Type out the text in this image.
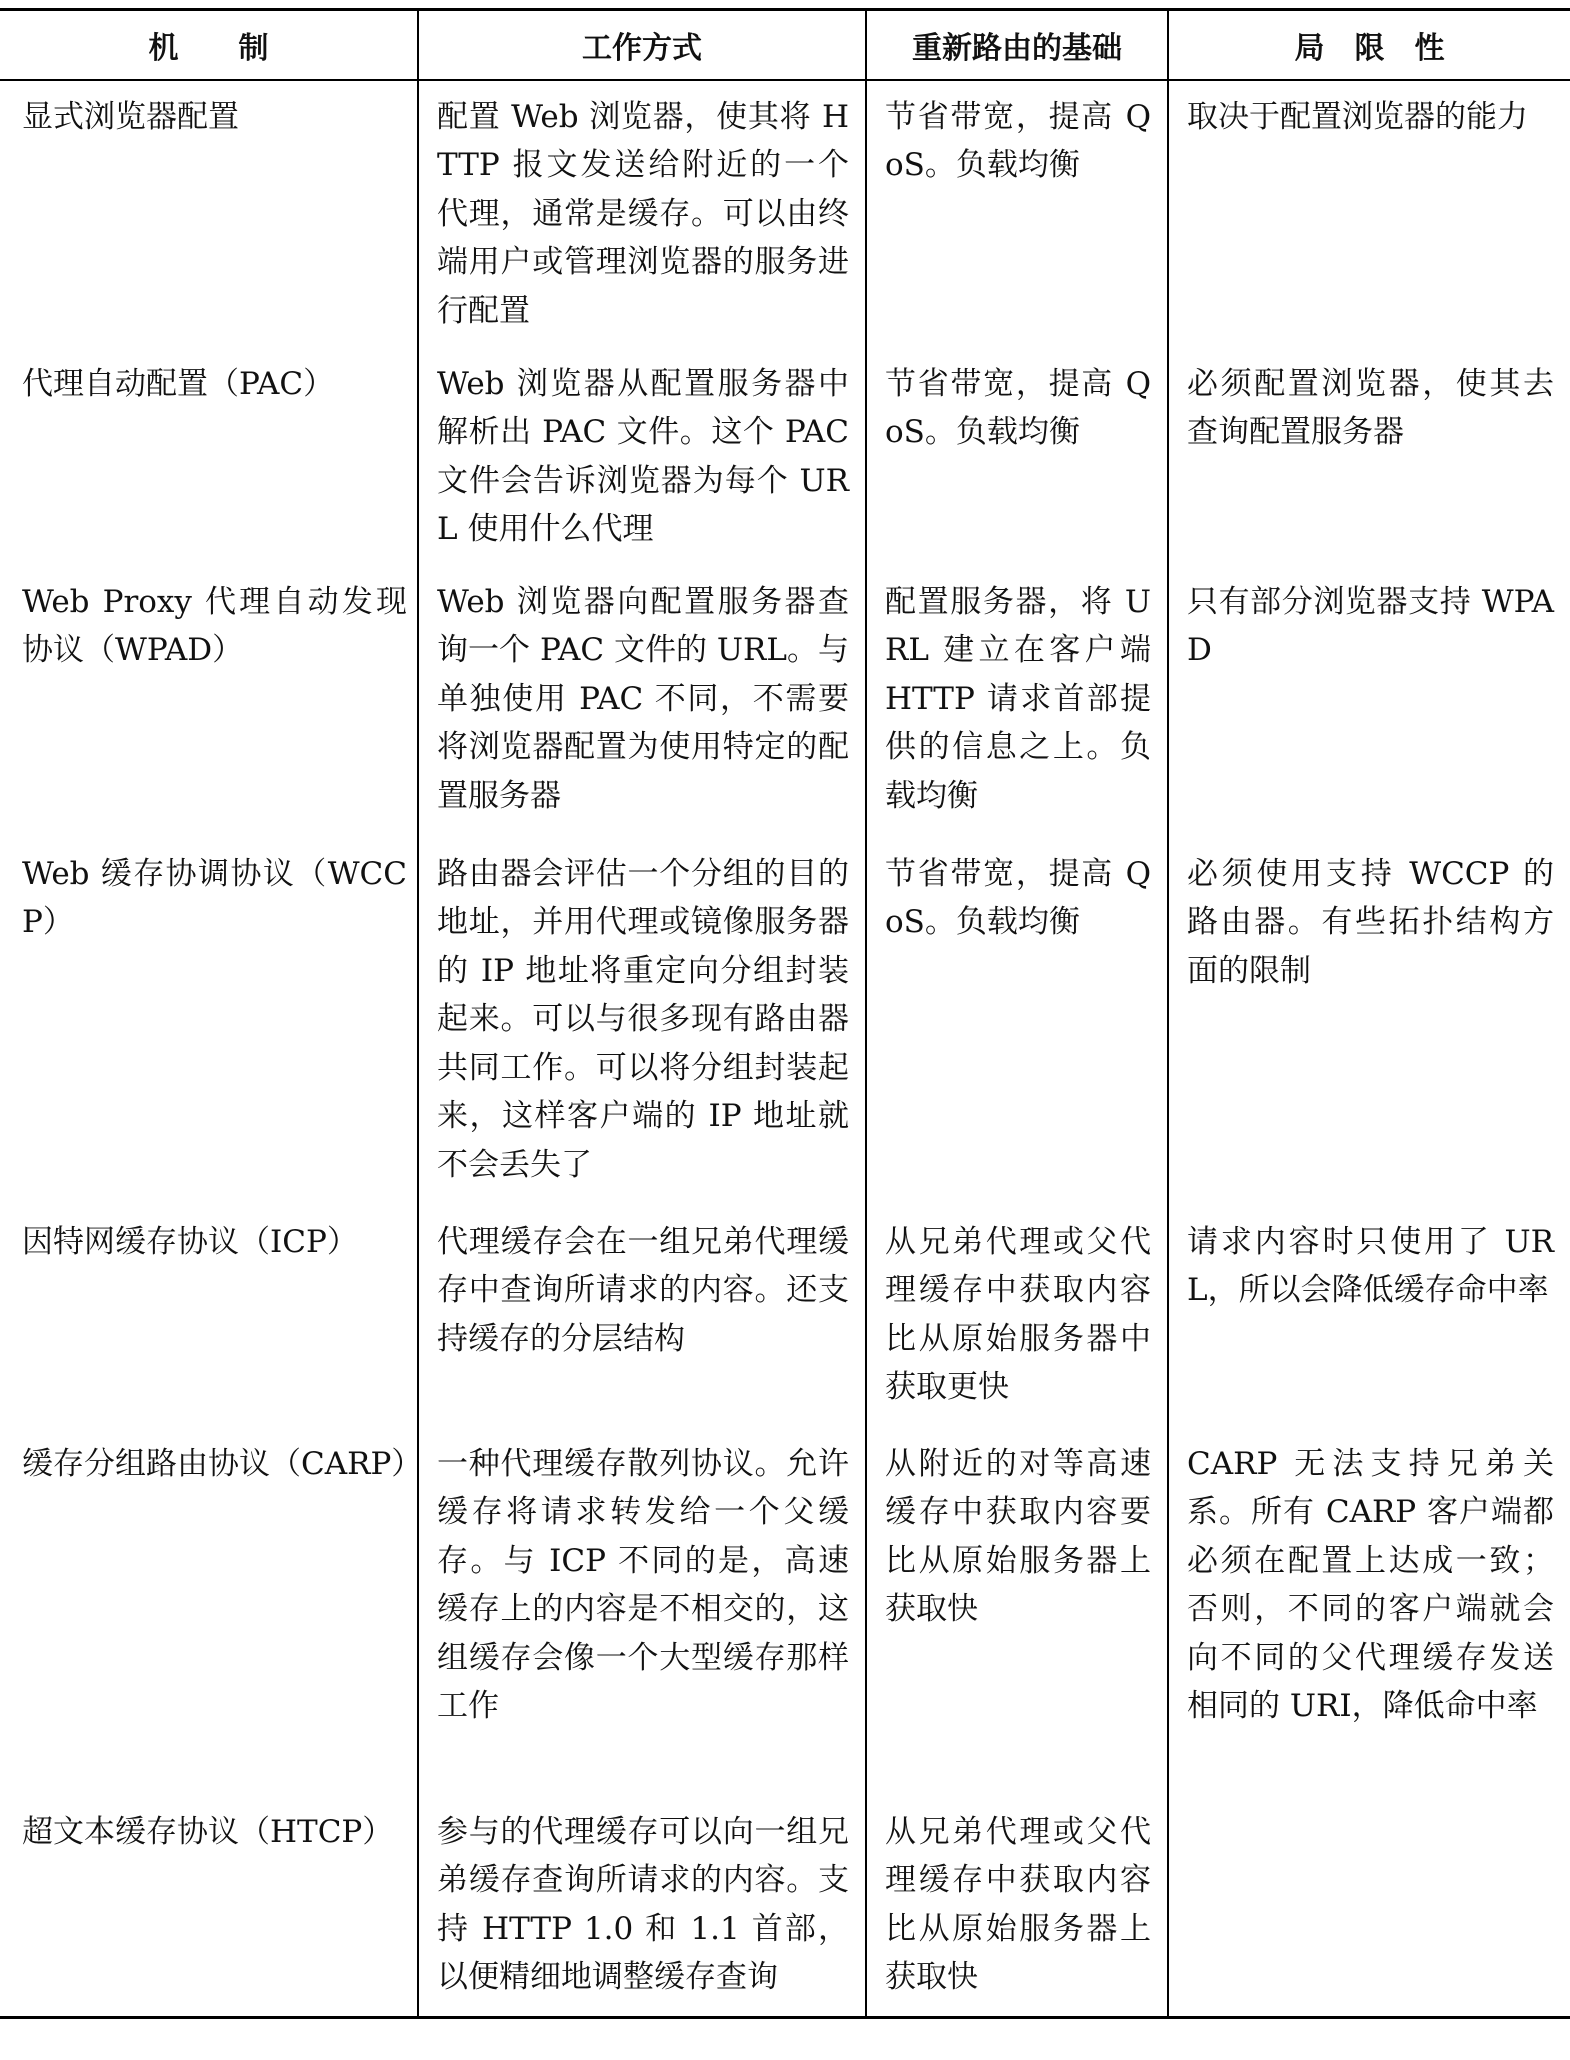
机　　制	工作方式	重新路由的基础	局　限　性
显式浏览器配置	配置 Web 浏览器，使其将 HTTP 报文发送给附近的一个代理，通常是缓存。可以由终端用户或管理浏览器的服务进行配置	节省带宽，提高 QoS。负载均衡	取决于配置浏览器的能力
代理自动配置（PAC）	Web 浏览器从配置服务器中解析出 PAC 文件。这个 PAC 文件会告诉浏览器为每个 URL 使用什么代理	节省带宽，提高 QoS。负载均衡	必须配置浏览器，使其去查询配置服务器
Web Proxy 代理自动发现协议（WPAD）	Web 浏览器向配置服务器查询一个 PAC 文件的 URL。与单独使用 PAC 不同，不需要将浏览器配置为使用特定的配置服务器	配置服务器，将 URL 建立在客户端 HTTP 请求首部提供的信息之上。负载均衡	只有部分浏览器支持 WPAD
Web 缓存协调协议（WCCP）	路由器会评估一个分组的目的地址，并用代理或镜像服务器的 IP 地址将重定向分组封装起来。可以与很多现有路由器共同工作。可以将分组封装起来，这样客户端的 IP 地址就不会丢失了	节省带宽，提高 QoS。负载均衡	必须使用支持 WCCP 的路由器。有些拓扑结构方面的限制
因特网缓存协议（ICP）	代理缓存会在一组兄弟代理缓存中查询所请求的内容。还支持缓存的分层结构	从兄弟代理或父代理缓存中获取内容比从原始服务器中获取更快	请求内容时只使用了 URL，所以会降低缓存命中率
缓存分组路由协议（CARP）	一种代理缓存散列协议。允许缓存将请求转发给一个父缓存。与 ICP 不同的是，高速缓存上的内容是不相交的，这组缓存会像一个大型缓存那样工作	从附近的对等高速缓存中获取内容要比从原始服务器上获取快	CARP 无法支持兄弟关系。所有 CARP 客户端都必须在配置上达成一致；否则，不同的客户端就会向不同的父代理缓存发送相同的 URI，降低命中率
超文本缓存协议（HTCP）	参与的代理缓存可以向一组兄弟缓存查询所请求的内容。支持 HTTP 1.0 和 1.1 首部，以便精细地调整缓存查询	从兄弟代理或父代理缓存中获取内容比从原始服务器上获取快	
